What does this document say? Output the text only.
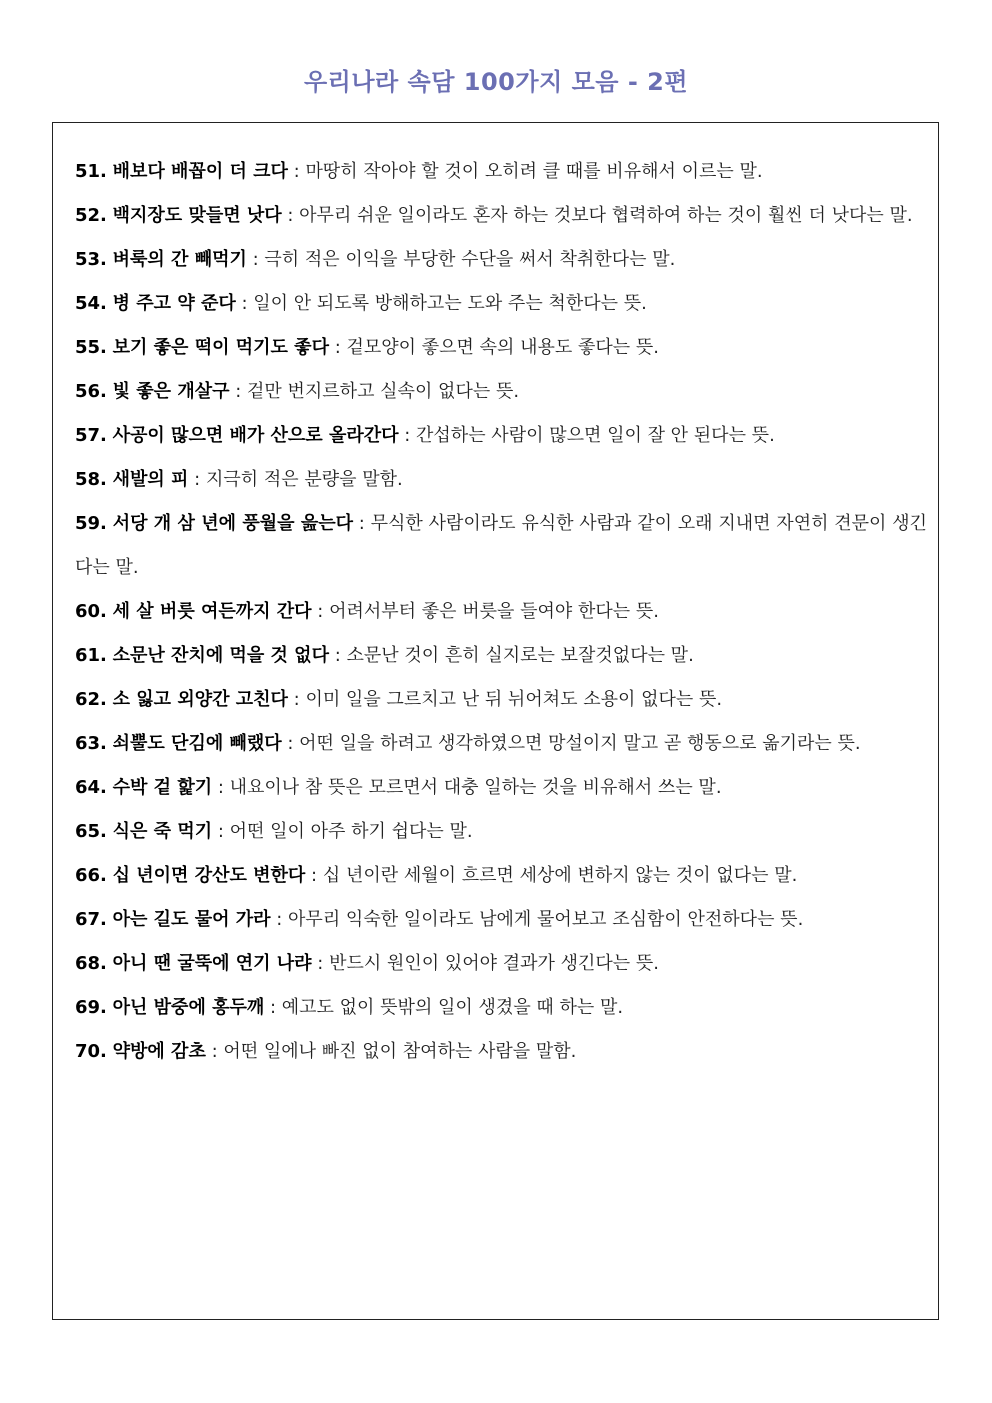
우리나라 속담 100가지 모음 - 2편
51. 배보다 배꼽이 더 크다 : 마땅히 작아야 할 것이 오히려 클 때를 비유해서 이르는 말.
52. 백지장도 맞들면 낫다 : 아무리 쉬운 일이라도 혼자 하는 것보다 협력하여 하는 것이 훨씬 더 낫다는 말.
53. 벼룩의 간 빼먹기 : 극히 적은 이익을 부당한 수단을 써서 착취한다는 말.
54. 병 주고 약 준다 : 일이 안 되도록 방해하고는 도와 주는 척한다는 뜻.
55. 보기 좋은 떡이 먹기도 좋다 : 겉모양이 좋으면 속의 내용도 좋다는 뜻.
56. 빛 좋은 개살구 : 겉만 번지르하고 실속이 없다는 뜻.
57. 사공이 많으면 배가 산으로 올라간다 : 간섭하는 사람이 많으면 일이 잘 안 된다는 뜻.
58. 새발의 피 : 지극히 적은 분량을 말함.
59. 서당 개 삼 년에 풍월을 읊는다 : 무식한 사람이라도 유식한 사람과 같이 오래 지내면 자연히 견문이 생긴다는 말.
60. 세 살 버릇 여든까지 간다 : 어려서부터 좋은 버릇을 들여야 한다는 뜻.
61. 소문난 잔치에 먹을 것 없다 : 소문난 것이 흔히 실지로는 보잘것없다는 말.
62. 소 잃고 외양간 고친다 : 이미 일을 그르치고 난 뒤 뉘어쳐도 소용이 없다는 뜻.
63. 쇠뿔도 단김에 빼랬다 : 어떤 일을 하려고 생각하였으면 망설이지 말고 곧 행동으로 옮기라는 뜻.
64. 수박 겉 핥기 : 내요이나 참 뜻은 모르면서 대충 일하는 것을 비유해서 쓰는 말.
65. 식은 죽 먹기 : 어떤 일이 아주 하기 쉽다는 말.
66. 십 년이면 강산도 변한다 : 십 년이란 세월이 흐르면 세상에 변하지 않는 것이 없다는 말.
67. 아는 길도 물어 가라 : 아무리 익숙한 일이라도 남에게 물어보고 조심함이 안전하다는 뜻.
68. 아니 땐 굴뚝에 연기 나랴 : 반드시 원인이 있어야 결과가 생긴다는 뜻.
69. 아닌 밤중에 홍두깨 : 예고도 없이 뜻밖의 일이 생겼을 때 하는 말.
70. 약방에 감초 : 어떤 일에나 빠진 없이 참여하는 사람을 말함.
